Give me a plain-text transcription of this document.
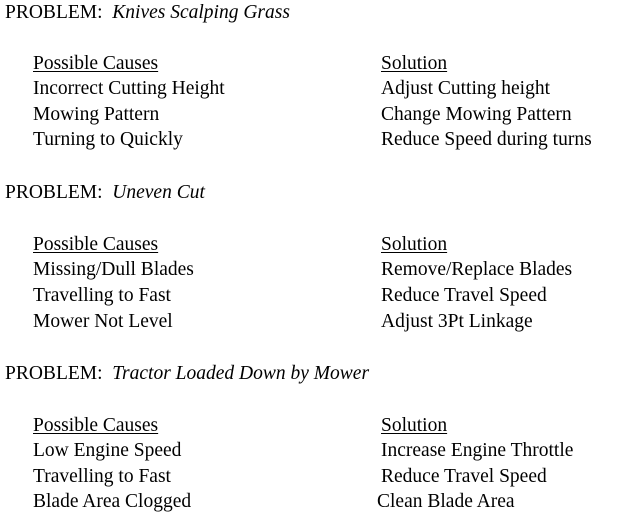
PROBLEM: Knives Scalping Grass
Possible Causes	Solution
Incorrect Cutting Height	Adjust Cutting height
Mowing Pattern	Change Mowing Pattern
Turning to Quickly	Reduce Speed during turns
PROBLEM: Uneven Cut
Possible Causes	Solution
Missing/Dull Blades	Remove/Replace Blades
Travelling to Fast	Reduce Travel Speed
Mower Not Level	Adjust 3Pt Linkage
PROBLEM: Tractor Loaded Down by Mower
Possible Causes	Solution
Low Engine Speed	Increase Engine Throttle
Travelling to Fast	Reduce Travel Speed
Blade Area Clogged	Clean Blade Area
